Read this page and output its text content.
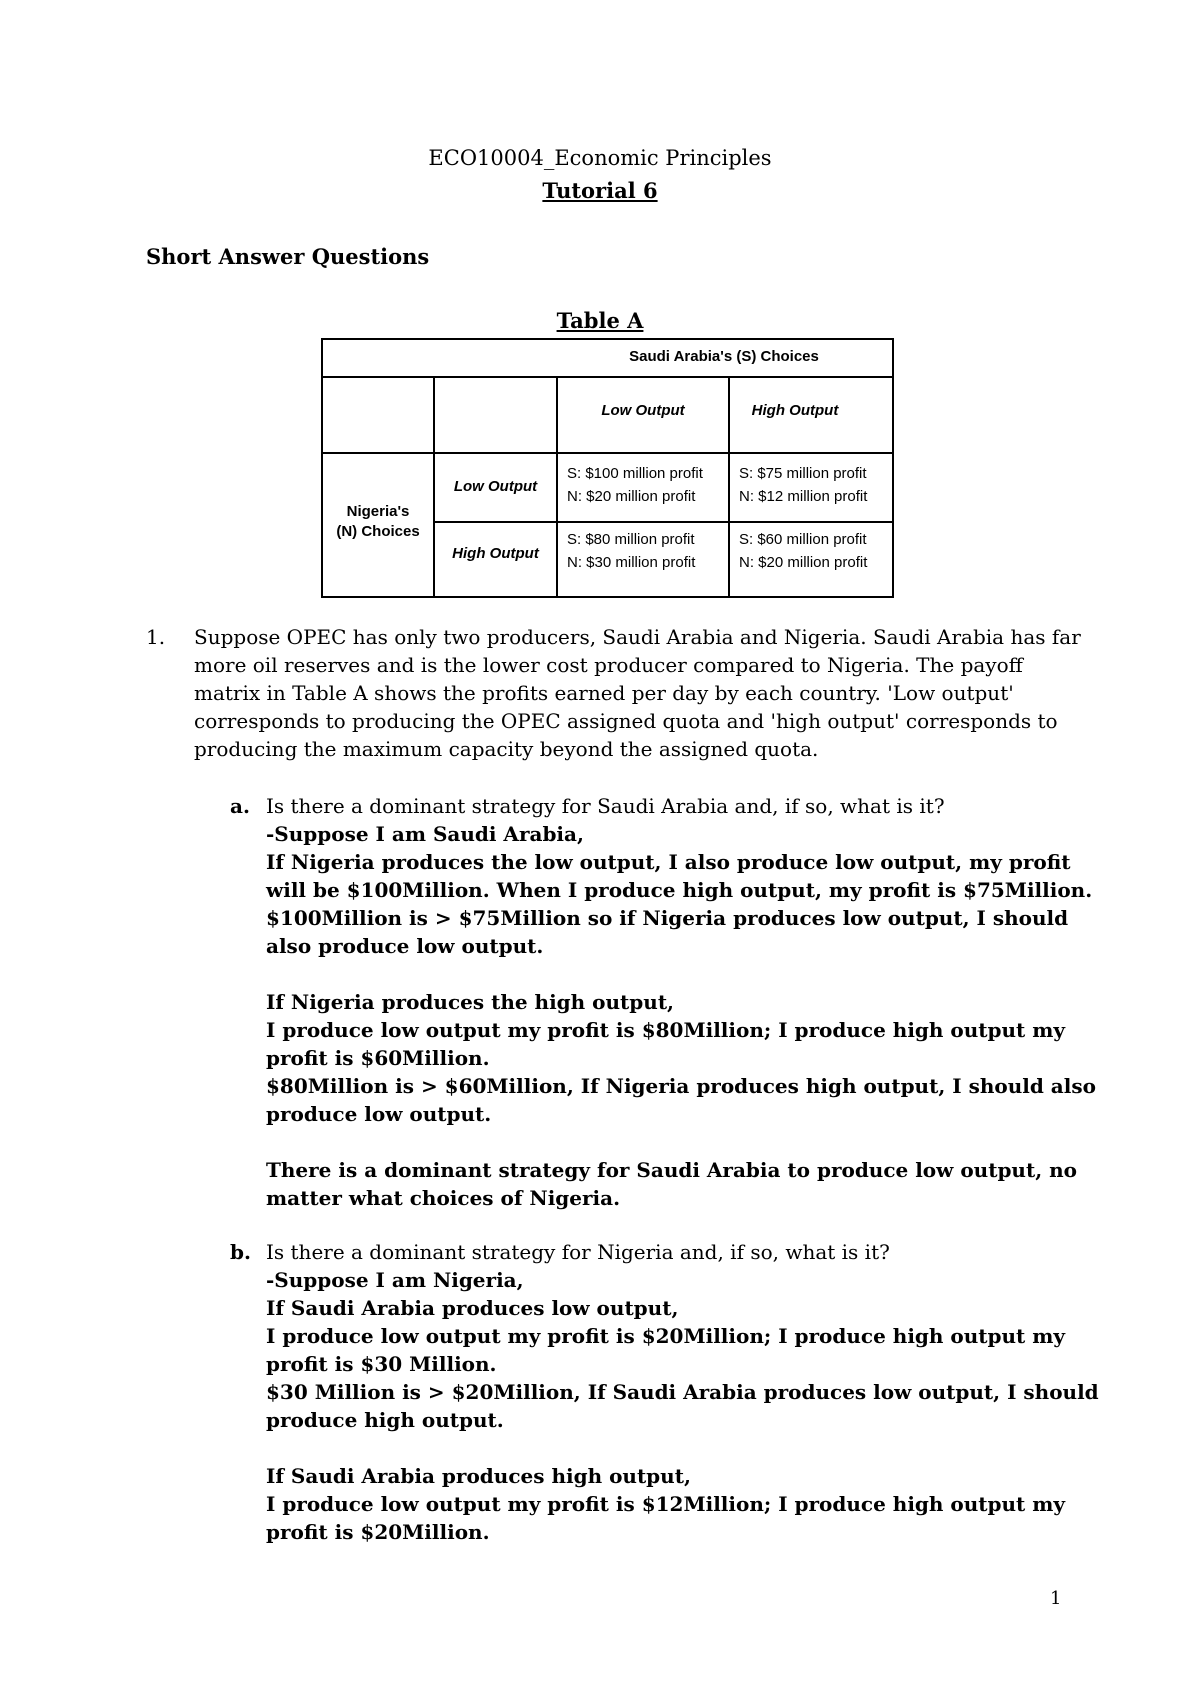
ECO10004_Economic Principles
Tutorial 6
Short Answer Questions
Table A
Saudi Arabia's (S) Choices
Low Output	High Output
Nigeria's
(N) Choices
Low Output
High Output
S: $100 million profit
N: $20 million profit
S: $75 million profit
N: $12 million profit
S: $80 million profit
N: $30 million profit
S: $60 million profit
N: $20 million profit
1. Suppose OPEC has only two producers, Saudi Arabia and Nigeria. Saudi Arabia has far more oil reserves and is the lower cost producer compared to Nigeria. The payoff matrix in Table A shows the profits earned per day by each country. 'Low output' corresponds to producing the OPEC assigned quota and 'high output' corresponds to producing the maximum capacity beyond the assigned quota.
a. Is there a dominant strategy for Saudi Arabia and, if so, what is it?
-Suppose I am Saudi Arabia,
If Nigeria produces the low output, I also produce low output, my profit will be $100Million. When I produce high output, my profit is $75Million.
$100Million is > $75Million so if Nigeria produces low output, I should also produce low output.
If Nigeria produces the high output,
I produce low output my profit is $80Million; I produce high output my profit is $60Million.
$80Million is > $60Million, If Nigeria produces high output, I should also produce low output.
There is a dominant strategy for Saudi Arabia to produce low output, no matter what choices of Nigeria.
b. Is there a dominant strategy for Nigeria and, if so, what is it?
-Suppose I am Nigeria,
If Saudi Arabia produces low output,
I produce low output my profit is $20Million; I produce high output my profit is $30 Million.
$30 Million is > $20Million, If Saudi Arabia produces low output, I should produce high output.
If Saudi Arabia produces high output,
I produce low output my profit is $12Million; I produce high output my profit is $20Million.
1
